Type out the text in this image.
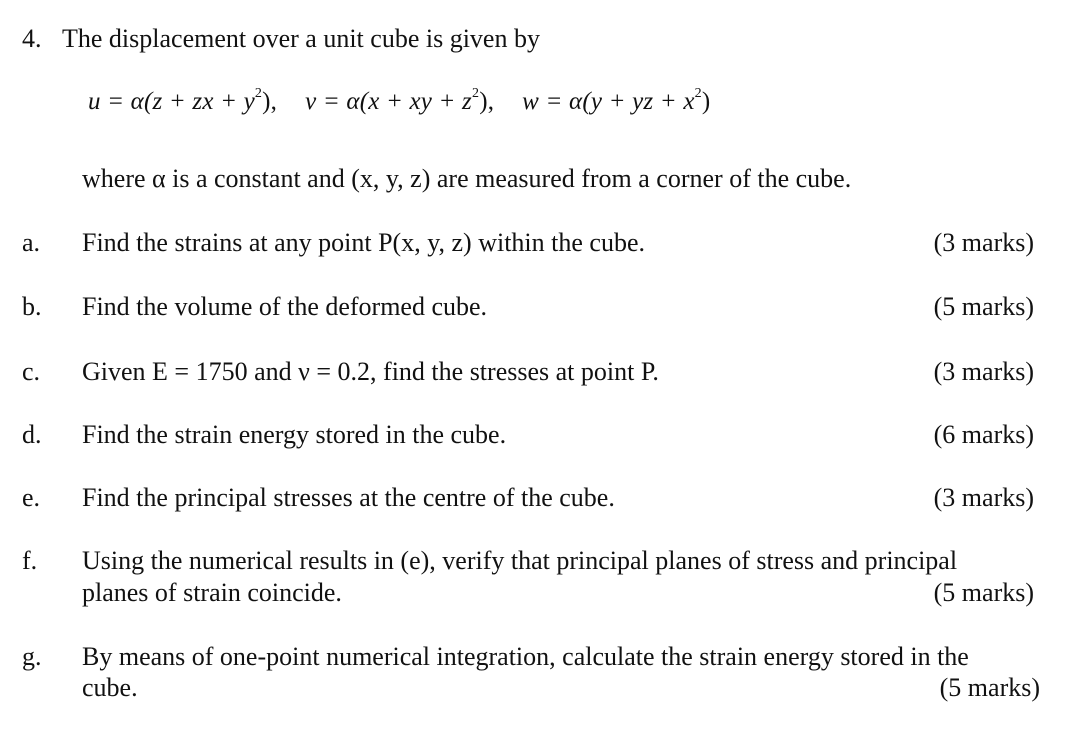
4. The displacement over a unit cube is given by
u = α(z + zx + $y^2$), v = α(x + xy + $z^2$), w = α(y + yz + $x^2$)
where α is a constant and (x, y, z) are measured from a corner of the cube.
a. Find the strains at any point P(x, y, z) within the cube.	(3 marks)
b. Find the volume of the deformed cube.	(5 marks)
c. Given E = 1750 and ν = 0.2, find the stresses at point P.	(3 marks)
d. Find the strain energy stored in the cube.	(6 marks)
e. Find the principal stresses at the centre of the cube.	(3 marks)
f. Using the numerical results in (e), verify that principal planes of stress and principal
planes of strain coincide.	(5 marks)
g. By means of one-point numerical integration, calculate the strain energy stored in the
cube.	(5 marks)
